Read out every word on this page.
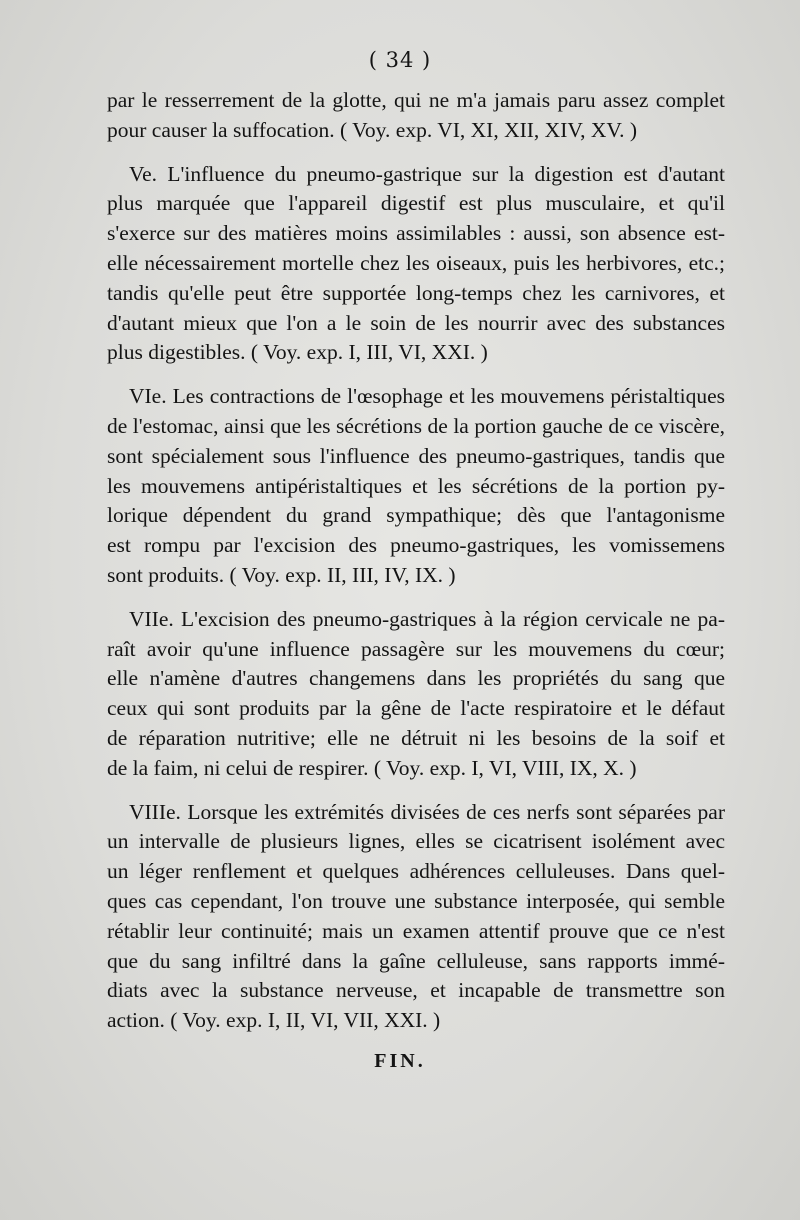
( 34 )
par le resserrement de la glotte, qui ne m'a jamais paru assez complet
pour causer la suffocation. ( Voy. exp. VI, XI, XII, XIV, XV. )
Ve. L'influence du pneumo-gastrique sur la digestion est d'autant
plus marquée que l'appareil digestif est plus musculaire, et qu'il
s'exerce sur des matières moins assimilables : aussi, son absence est-
elle nécessairement mortelle chez les oiseaux, puis les herbivores, etc.;
tandis qu'elle peut être supportée long-temps chez les carnivores, et
d'autant mieux que l'on a le soin de les nourrir avec des substances
plus digestibles. ( Voy. exp. I, III, VI, XXI. )
VIe. Les contractions de l'œsophage et les mouvemens péristaltiques
de l'estomac, ainsi que les sécrétions de la portion gauche de ce viscère,
sont spécialement sous l'influence des pneumo-gastriques, tandis que
les mouvemens antipéristaltiques et les sécrétions de la portion py-
lorique dépendent du grand sympathique; dès que l'antagonisme
est rompu par l'excision des pneumo-gastriques, les vomissemens
sont produits. ( Voy. exp. II, III, IV, IX. )
VIIe. L'excision des pneumo-gastriques à la région cervicale ne pa-
raît avoir qu'une influence passagère sur les mouvemens du cœur;
elle n'amène d'autres changemens dans les propriétés du sang que
ceux qui sont produits par la gêne de l'acte respiratoire et le défaut
de réparation nutritive; elle ne détruit ni les besoins de la soif et
de la faim, ni celui de respirer. ( Voy. exp. I, VI, VIII, IX, X. )
VIIIe. Lorsque les extrémités divisées de ces nerfs sont séparées par
un intervalle de plusieurs lignes, elles se cicatrisent isolément avec
un léger renflement et quelques adhérences celluleuses. Dans quel-
ques cas cependant, l'on trouve une substance interposée, qui semble
rétablir leur continuité; mais un examen attentif prouve que ce n'est
que du sang infiltré dans la gaîne celluleuse, sans rapports immé-
diats avec la substance nerveuse, et incapable de transmettre son
action. ( Voy. exp. I, II, VI, VII, XXI. )
FIN.
